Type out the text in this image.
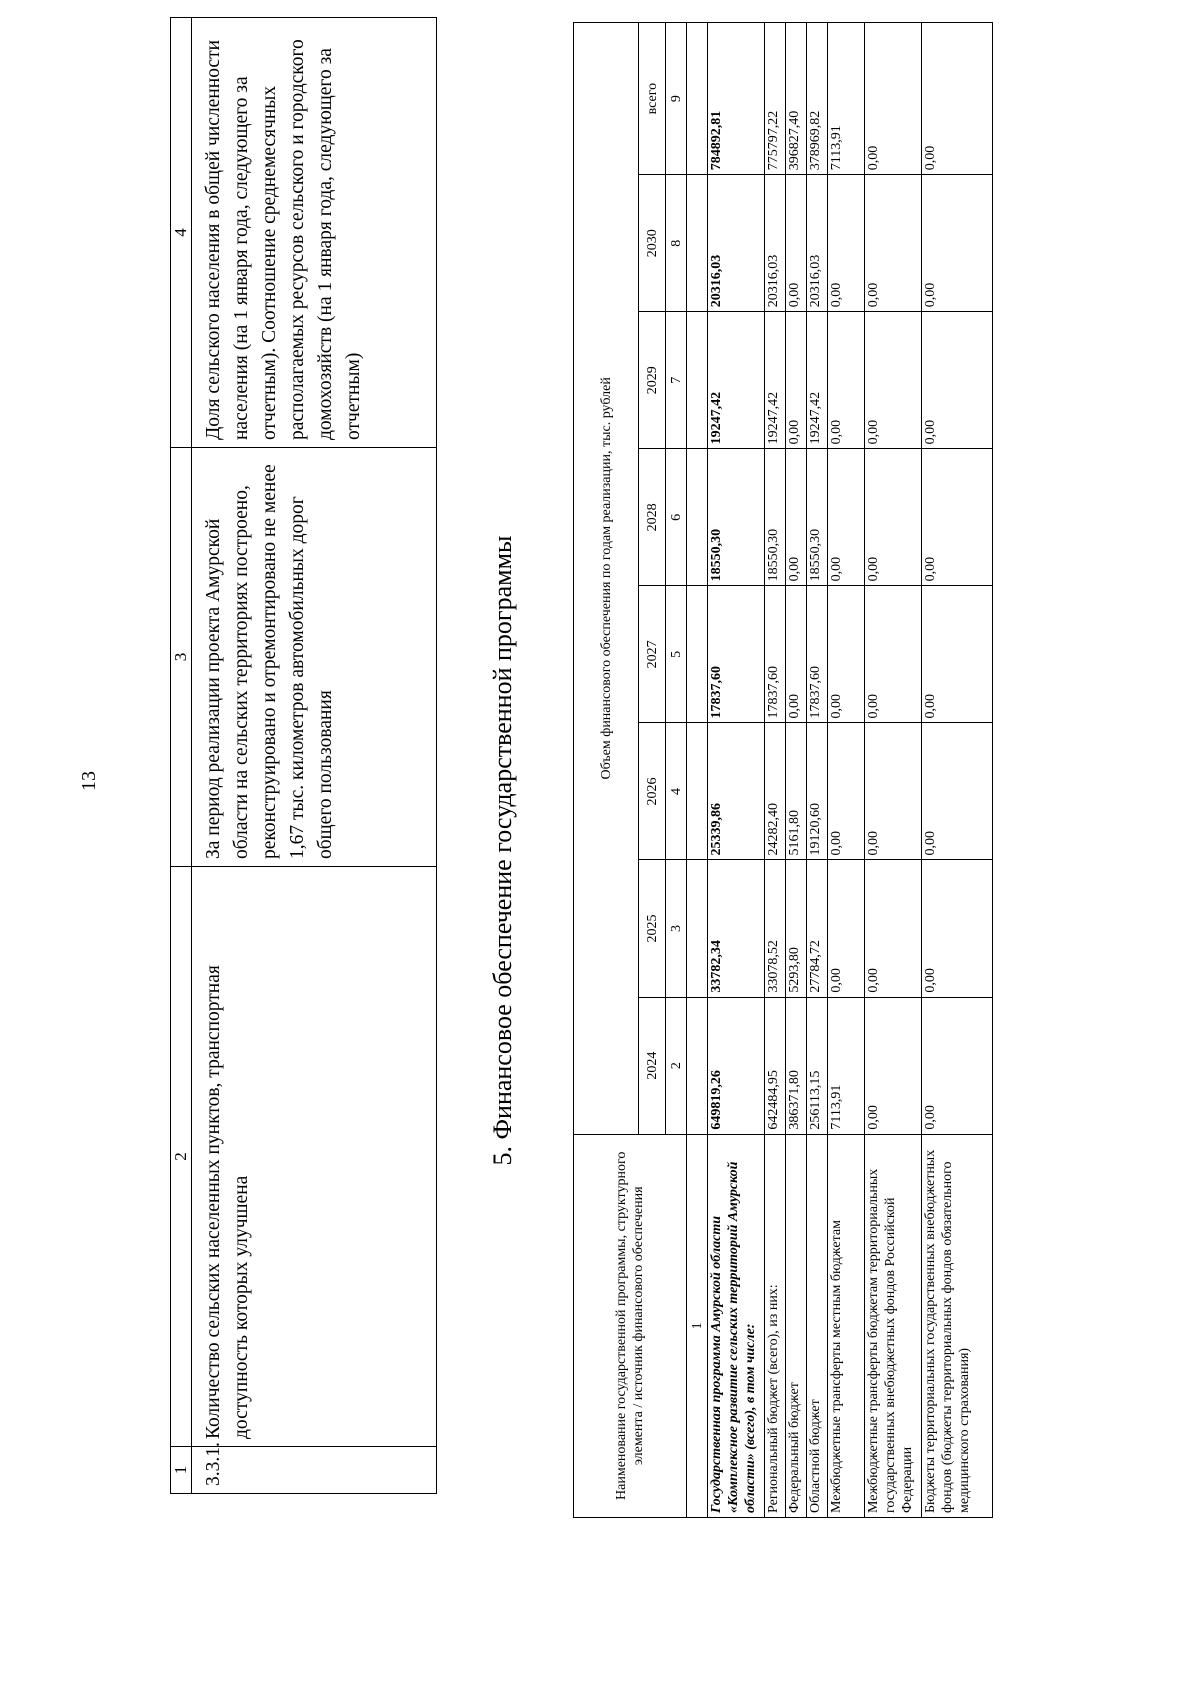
13
1	2	3	4
3.3.1.	Количество сельских населенных пунктов, транспортная доступность которых улучшена	За период реализации проекта Амурской области на сельских территориях построено, реконструировано и отремонтировано не менее 1,67 тыс. километров автомобильных дорог общего пользования	Доля сельского населения в общей численности населения (на 1 января года, следующего за отчетным). Соотношение среднемесячных располагаемых ресурсов сельского и городского домохозяйств (на 1 января года, следующего за отчетным)
5. Финансовое обеспечение государственной программы
Наименование государственной программы, структурного элемента / источник финансового обеспечения	Объем финансового обеспечения по годам реализации, тыс. рублей							
	2024	2025	2026	2027	2028	2029	2030	всего
	2	3	4	5	6	7	8	9
1								
Государственная программа Амурской области «Комплексное развитие сельских территорий Амурской области» (всего), в том числе:	649819,26	33782,34	25339,86	17837,60	18550,30	19247,42	20316,03	784892,81
Региональный бюджет (всего), из них:	642484,95	33078,52	24282,40	17837,60	18550,30	19247,42	20316,03	775797,22
Федеральный бюджет	386371,80	5293,80	5161,80	0,00	0,00	0,00	0,00	396827,40
Областной бюджет	256113,15	27784,72	19120,60	17837,60	18550,30	19247,42	20316,03	378969,82
Межбюджетные трансферты местным бюджетам	7113,91	0,00	0,00	0,00	0,00	0,00	0,00	7113,91
Межбюджетные трансферты бюджетам территориальных государственных внебюджетных фондов Российской Федерации	0,00	0,00	0,00	0,00	0,00	0,00	0,00	0,00
Бюджеты территориальных государственных внебюджетных фондов (бюджеты территориальных фондов обязательного медицинского страхования)	0,00	0,00	0,00	0,00	0,00	0,00	0,00	0,00
